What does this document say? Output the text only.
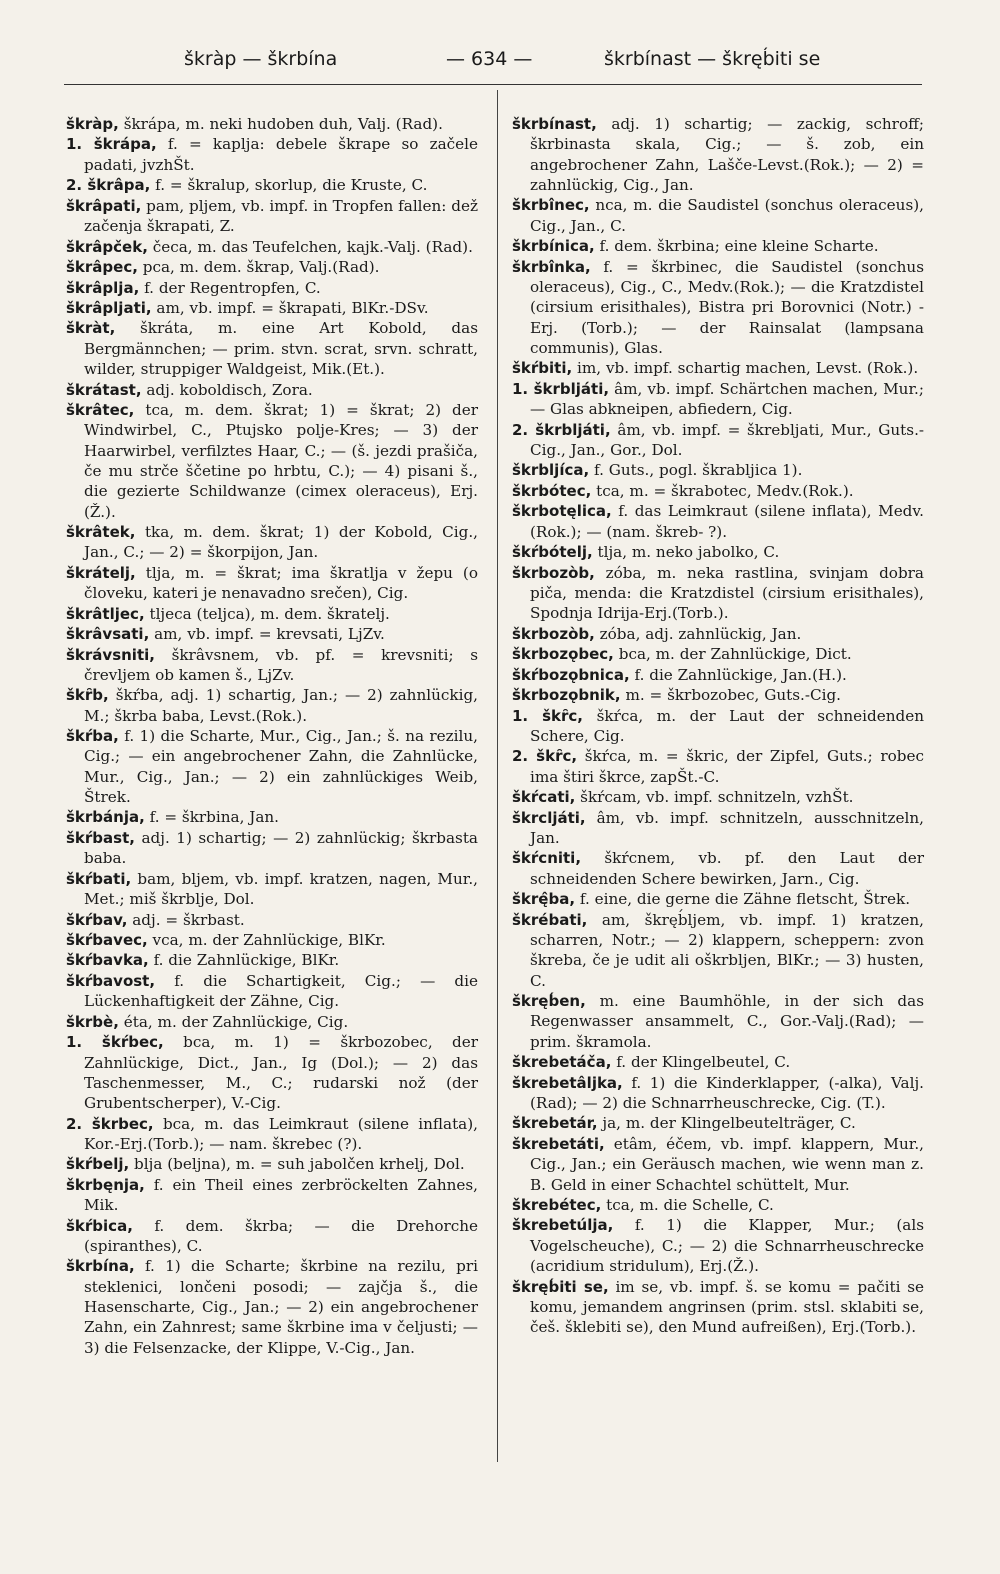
škràp — škrbína	— 634 —	škrbínast — škręb́iti se

škràp, škrápa, m. neki hudoben duh, Valj. (Rad).

1. škrápa, f. = kaplja: debele škrape so začele padati, jvzhŠt.

2. škrâpa, f. = škralup, skorlup, die Kruste, C.

škrâpati, pam, pljem, vb. impf. in Tropfen fallen: dež začenja škrapati, Z.

škrâpček, čeca, m. das Teufelchen, kajk.-Valj. (Rad).

škrâpec, pca, m. dem. škrap, Valj.(Rad).

škrâplja, f. der Regentropfen, C.

škrâpljati, am, vb. impf. = škrapati, BlKr.-DSv.

škràt, škráta, m. eine Art Kobold, das Bergmännchen; — prim. stvn. scrat, srvn. schratt, wilder, struppiger Waldgeist, Mik.(Et.).

škrátast, adj. koboldisch, Zora.

škrâtec, tca, m. dem. škrat; 1) = škrat; 2) der Windwirbel, C., Ptujsko polje-Kres; — 3) der Haarwirbel, verfilztes Haar, C.; — (š. jezdi prašiča, če mu strče ščetine po hrbtu, C.); — 4) pisani š., die gezierte Schildwanze (cimex oleraceus), Erj.(Ž.).

škrâtek, tka, m. dem. škrat; 1) der Kobold, Cig., Jan., C.; — 2) = škorpijon, Jan.

škrátelj, tlja, m. = škrat; ima škratlja v žepu (o človeku, kateri je nenavadno srečen), Cig.

škrâtljec, tljeca (teljca), m. dem. škratelj.

škrâvsati, am, vb. impf. = krevsati, LjZv.

škrávsniti, škrâvsnem, vb. pf. = krevsniti; s črevljem ob kamen š., LjZv.

škȓb, škŕba, adj. 1) schartig, Jan.; — 2) zahnlückig, M.; škrba baba, Levst.(Rok.).

škŕba, f. 1) die Scharte, Mur., Cig., Jan.; š. na rezilu, Cig.; — ein angebrochener Zahn, die Zahnlücke, Mur., Cig., Jan.; — 2) ein zahnlückiges Weib, Štrek.

škrbánja, f. = škrbina, Jan.

škŕbast, adj. 1) schartig; — 2) zahnlückig; škrbasta baba.

škŕbati, bam, bljem, vb. impf. kratzen, nagen, Mur., Met.; miš škrblje, Dol.

škŕbav, adj. = škrbast.

škŕbavec, vca, m. der Zahnlückige, BlKr.

škŕbavka, f. die Zahnlückige, BlKr.

škŕbavost, f. die Schartigkeit, Cig.; — die Lückenhaftigkeit der Zähne, Cig.

škrbè, éta, m. der Zahnlückige, Cig.

1. škŕbec, bca, m. 1) = škrbozobec, der Zahnlückige, Dict., Jan., Ig (Dol.); — 2) das Taschenmesser, M., C.; rudarski nož (der Grubentscherper), V.-Cig.

2. škrbec, bca, m. das Leimkraut (silene inflata), Kor.-Erj.(Torb.); — nam. škrebec (?).

škŕbelj, blja (beljna), m. = suh jabolčen krhelj, Dol.

škrbęnja, f. ein Theil eines zerbröckelten Zahnes, Mik.

škŕbica, f. dem. škrba; — die Drehorche (spiranthes), C.

škrbína, f. 1) die Scharte; škrbine na rezilu, pri steklenici, lončeni posodi; — zajčja š., die Hasenscharte, Cig., Jan.; — 2) ein angebrochener Zahn, ein Zahnrest; same škrbine ima v čeljusti; — 3) die Felsenzacke, der Klippe, V.-Cig., Jan.

škrbínast, adj. 1) schartig; — zackig, schroff; škrbinasta skala, Cig.; — š. zob, ein angebrochener Zahn, Lašče-Levst.(Rok.); — 2) = zahnlückig, Cig., Jan.

škrbînec, nca, m. die Saudistel (sonchus oleraceus), Cig., Jan., C.

škrbínica, f. dem. škrbina; eine kleine Scharte.

škrbînka, f. = škrbinec, die Saudistel (sonchus oleraceus), Cig., C., Medv.(Rok.); — die Kratzdistel (cirsium erisithales), Bistra pri Borovnici (Notr.) - Erj. (Torb.); — der Rainsalat (lampsana communis), Glas.

škŕbiti, im, vb. impf. schartig machen, Levst. (Rok.).

1. škrbljáti, âm, vb. impf. Schärtchen machen, Mur.; — Glas abkneipen, abfiedern, Cig.

2. škrbljáti, âm, vb. impf. = škrebljati, Mur., Guts.-Cig., Jan., Gor., Dol.

škrbljíca, f. Guts., pogl. škrabljica 1).

škrbótec, tca, m. = škrabotec, Medv.(Rok.).

škrbotęlica, f. das Leimkraut (silene inflata), Medv.(Rok.); — (nam. škreb- ?).

škŕbótelj, tlja, m. neko jabolko, C.

škrbozòb, zóba, m. neka rastlina, svinjam dobra piča, menda: die Kratzdistel (cirsium erisithales), Spodnja Idrija-Erj.(Torb.).

škrbozòb, zóba, adj. zahnlückig, Jan.

škrbozǫbec, bca, m. der Zahnlückige, Dict.

škŕbozǫbnica, f. die Zahnlückige, Jan.(H.).

škrbozǫbnik, m. = škrbozobec, Guts.-Cig.

1. škȓc, škŕca, m. der Laut der schneidenden Schere, Cig.

2. škȓc, škŕca, m. = škric, der Zipfel, Guts.; robec ima štiri škrce, zapŠt.-C.

škŕcati, škŕcam, vb. impf. schnitzeln, vzhŠt.

škrcljáti, âm, vb. impf. schnitzeln, ausschnitzeln, Jan.

škŕcniti, škŕcnem, vb. pf. den Laut der schneidenden Schere bewirken, Jarn., Cig.

škrę̂ba, f. eine, die gerne die Zähne fletscht, Štrek.

škrébati, am, škręb́ljem, vb. impf. 1) kratzen, scharren, Notr.; — 2) klappern, scheppern: zvon škreba, če je udit ali oškrbljen, BlKr.; — 3) husten, C.

škręb́en, m. eine Baumhöhle, in der sich das Regenwasser ansammelt, C., Gor.-Valj.(Rad); — prim. škramola.

škrebetáča, f. der Klingelbeutel, C.

škrebetâljka, f. 1) die Kinderklapper, (-alka), Valj.(Rad); — 2) die Schnarrheuschrecke, Cig. (T.).

škrebetár, ja, m. der Klingelbeutelträger, C.

škrebetáti, etâm, éčem, vb. impf. klappern, Mur., Cig., Jan.; ein Geräusch machen, wie wenn man z. B. Geld in einer Schachtel schüttelt, Mur.

škrebétec, tca, m. die Schelle, C.

škrebetúlja, f. 1) die Klapper, Mur.; (als Vogelscheuche), C.; — 2) die Schnarrheuschrecke (acridium stridulum), Erj.(Ž.).

škręb́iti se, im se, vb. impf. š. se komu = pačiti se komu, jemandem angrinsen (prim. stsl. sklabiti se, češ. šklebiti se), den Mund aufreißen), Erj.(Torb.).
